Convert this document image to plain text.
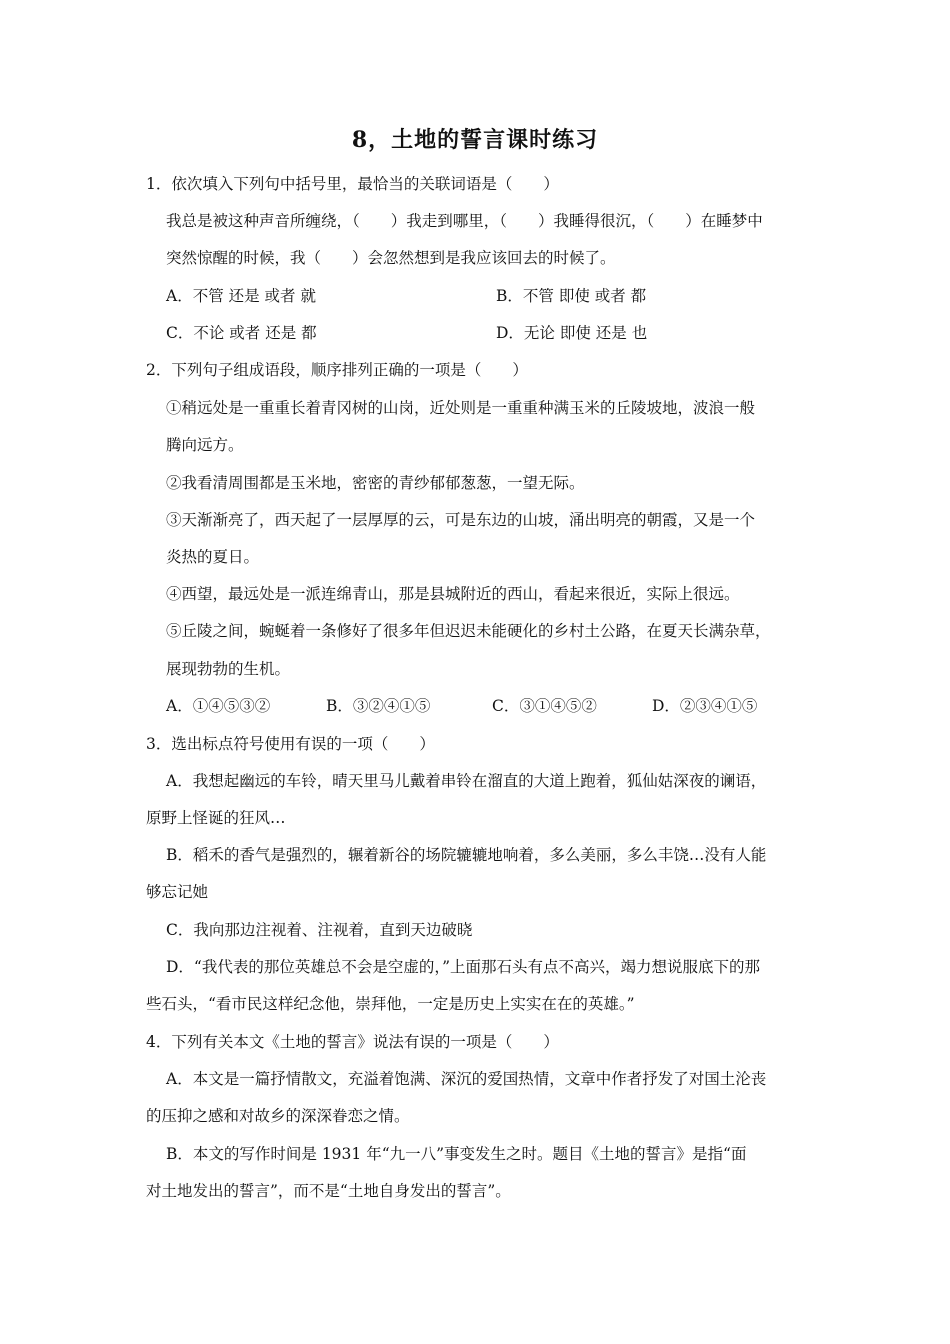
8，土地的誓言课时练习
1．依次填入下列句中括号里，最恰当的关联词语是（　　）
我总是被这种声音所缠绕，（　　）我走到哪里，（　　）我睡得很沉，（　　）在睡梦中
突然惊醒的时候，我（　　）会忽然想到是我应该回去的时候了。
A．不管 还是 或者 就	B．不管 即使 或者 都
C．不论 或者 还是 都	D．无论 即使 还是 也
2．下列句子组成语段，顺序排列正确的一项是（　　）
①稍远处是一重重长着青冈树的山岗，近处则是一重重种满玉米的丘陵坡地，波浪一般
腾向远方。
②我看清周围都是玉米地，密密的青纱郁郁葱葱，一望无际。
③天渐渐亮了，西天起了一层厚厚的云，可是东边的山坡，涌出明亮的朝霞，又是一个
炎热的夏日。
④西望，最远处是一派连绵青山，那是县城附近的西山，看起来很近，实际上很远。
⑤丘陵之间，蜿蜒着一条修好了很多年但迟迟未能硬化的乡村土公路，在夏天长满杂草，
展现勃勃的生机。
A．①④⑤③②	B．③②④①⑤	C．③①④⑤②	D．②③④①⑤
3．选出标点符号使用有误的一项（　　）
A．我想起幽远的车铃，晴天里马儿戴着串铃在溜直的大道上跑着，狐仙姑深夜的谰语，
原野上怪诞的狂风…
B．稻禾的香气是强烈的，辗着新谷的场院辘辘地响着，多么美丽，多么丰饶…没有人能
够忘记她
C．我向那边注视着、注视着，直到天边破晓
D．“我代表的那位英雄总不会是空虚的，”上面那石头有点不高兴，竭力想说服底下的那
些石头，“看市民这样纪念他，崇拜他，一定是历史上实实在在的英雄。”
4．下列有关本文《土地的誓言》说法有误的一项是（　　）
A．本文是一篇抒情散文，充溢着饱满、深沉的爱国热情，文章中作者抒发了对国土沦丧
的压抑之感和对故乡的深深眷恋之情。
B．本文的写作时间是 1931 年“九一八”事变发生之时。题目《土地的誓言》是指“面
对土地发出的誓言”，而不是“土地自身发出的誓言”。
